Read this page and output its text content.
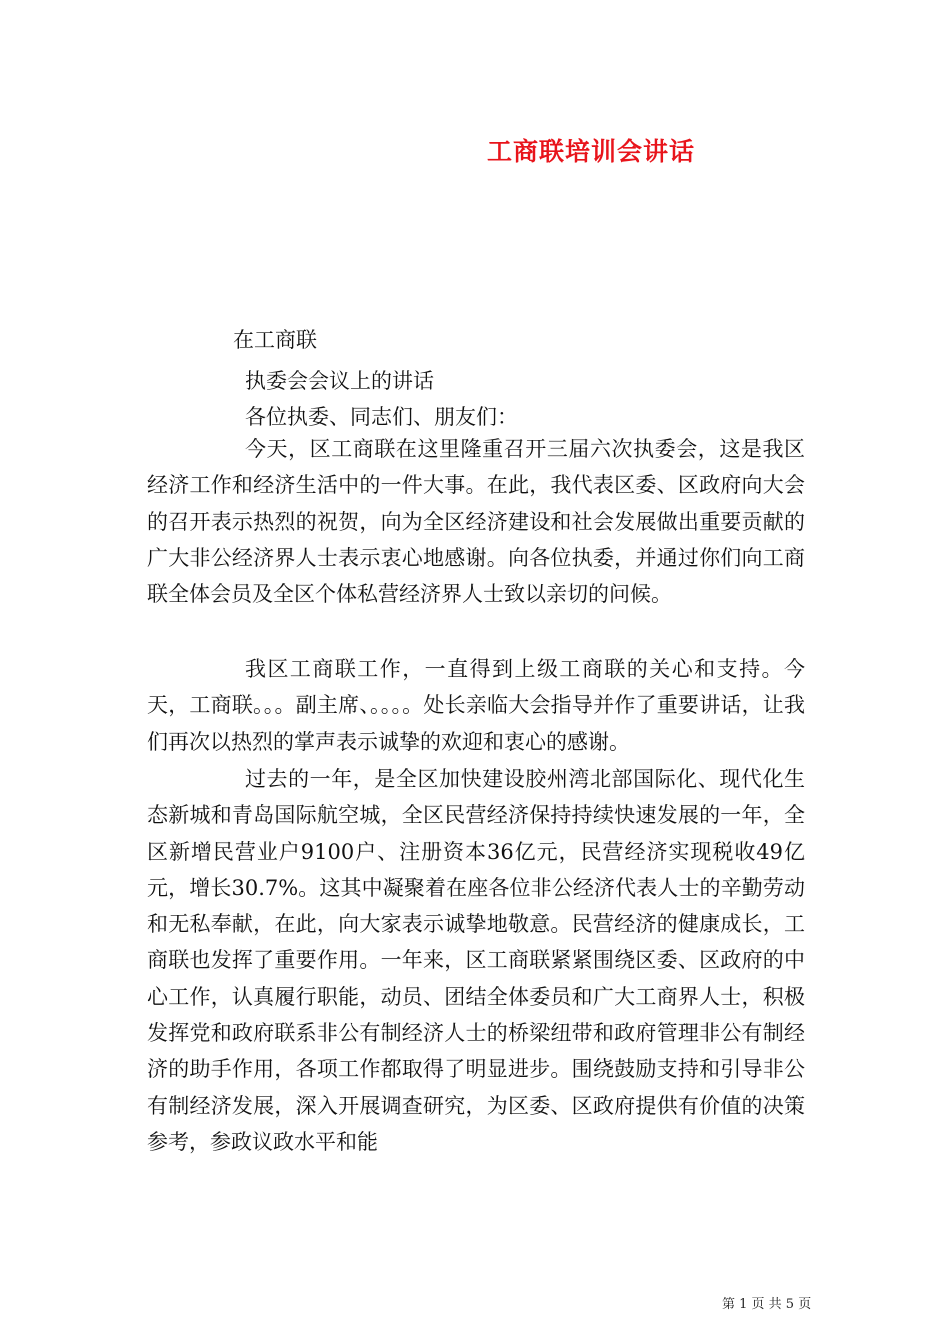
工商联培训会讲话
在工商联
执委会会议上的讲话
各位执委、同志们、朋友们：
今天，区工商联在这里隆重召开三届六次执委会，这是我区经济工作和经济生活中的一件大事。在此，我代表区委、区政府向大会的召开表示热烈的祝贺，向为全区经济建设和社会发展做出重要贡献的广大非公经济界人士表示衷心地感谢。向各位执委，并通过你们向工商联全体会员及全区个体私营经济界人士致以亲切的问候。
我区工商联工作，一直得到上级工商联的关心和支持。今天，工商联。。。副主席、。。。。处长亲临大会指导并作了重要讲话，让我们再次以热烈的掌声表示诚挚的欢迎和衷心的感谢。
过去的一年，是全区加快建设胶州湾北部国际化、现代化生态新城和青岛国际航空城，全区民营经济保持持续快速发展的一年，全区新增民营业户9100户、注册资本36亿元，民营经济实现税收49亿元，增长30.7%。这其中凝聚着在座各位非公经济代表人士的辛勤劳动和无私奉献，在此，向大家表示诚挚地敬意。民营经济的健康成长，工商联也发挥了重要作用。一年来，区工商联紧紧围绕区委、区政府的中心工作，认真履行职能，动员、团结全体委员和广大工商界人士，积极发挥党和政府联系非公有制经济人士的桥梁纽带和政府管理非公有制经济的助手作用，各项工作都取得了明显进步。围绕鼓励支持和引导非公有制经济发展，深入开展调查研究，为区委、区政府提供有价值的决策参考，参政议政水平和能
第 1 页 共 5 页
